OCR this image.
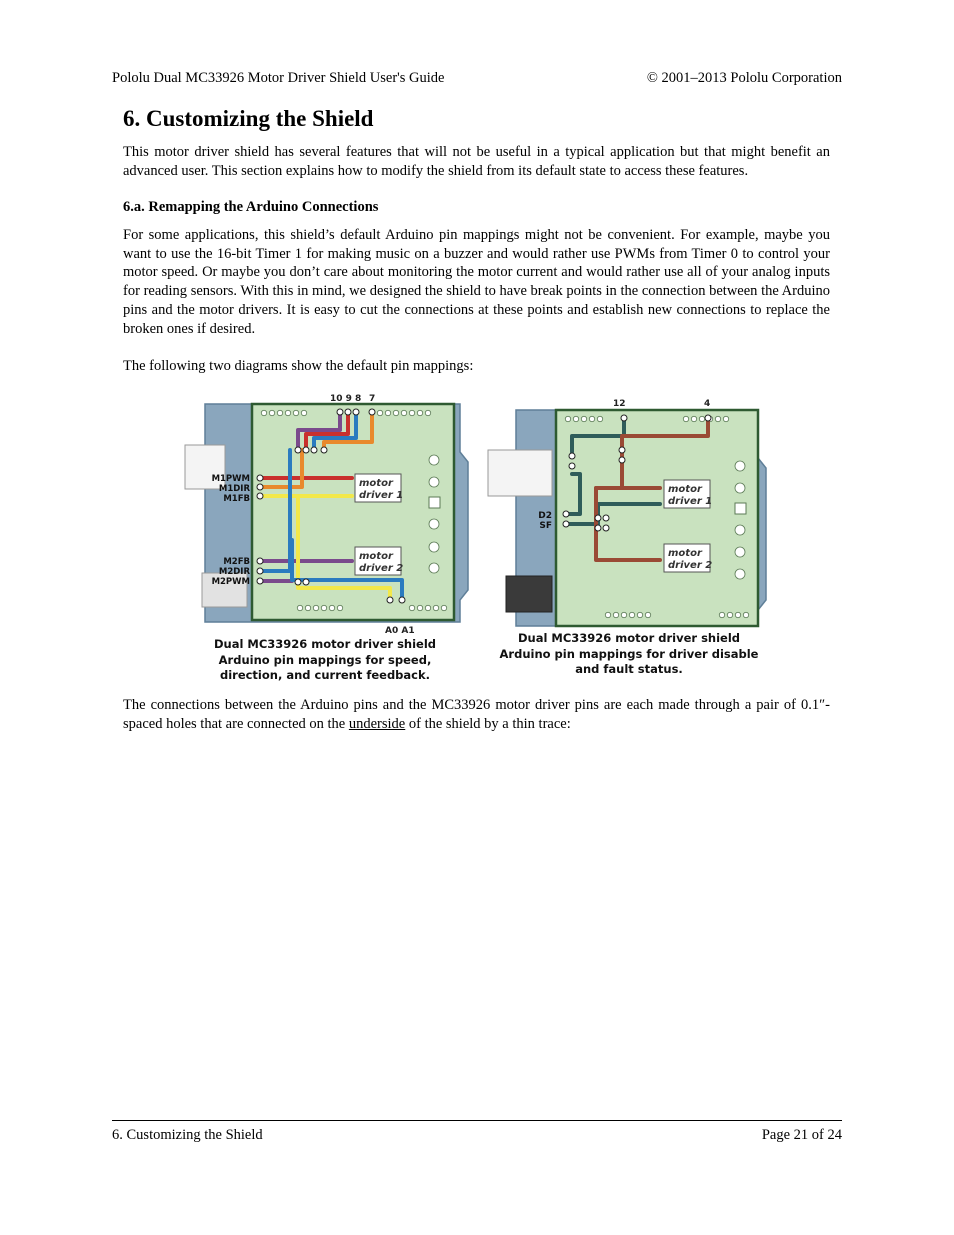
Pololu Dual MC33926 Motor Driver Shield User's Guide	© 2001–2013 Pololu Corporation
6. Customizing the Shield

This motor driver shield has several features that will not be useful in a typical application but that might benefit an advanced user. This section explains how to modify the shield from its default state to access these features.

6.a. Remapping the Arduino Connections

For some applications, this shield’s default Arduino pin mappings might not be convenient. For example, maybe you want to use the 16-bit Timer 1 for making music on a buzzer and would rather use PWMs from Timer 0 to control your motor speed. Or maybe you don’t care about monitoring the motor current and would rather use all of your analog inputs for reading sensors. With this in mind, we designed the shield to have break points in the connection between the Arduino pins and the motor drivers. It is easy to cut the connections at these points and establish new connections to replace the broken ones if desired.

The following two diagrams show the default pin mappings:

motor
driver 1
motor
driver 2
10 9 8 7
A0 A1
M1PWM
M1DIR
M1FB
M2FB
M2DIR
M2PWM
Dual MC33926 motor driver shield
Arduino pin mappings for speed,
direction, and current feedback.
motor
driver 1
motor
driver 2
12	4
D2
SF
Dual MC33926 motor driver shield
Arduino pin mappings for driver disable
and fault status.

The connections between the Arduino pins and the MC33926 motor driver pins are each made through a pair of 0.1″-spaced holes that are connected on the underside of the shield by a thin trace:

6. Customizing the Shield	Page 21 of 24
